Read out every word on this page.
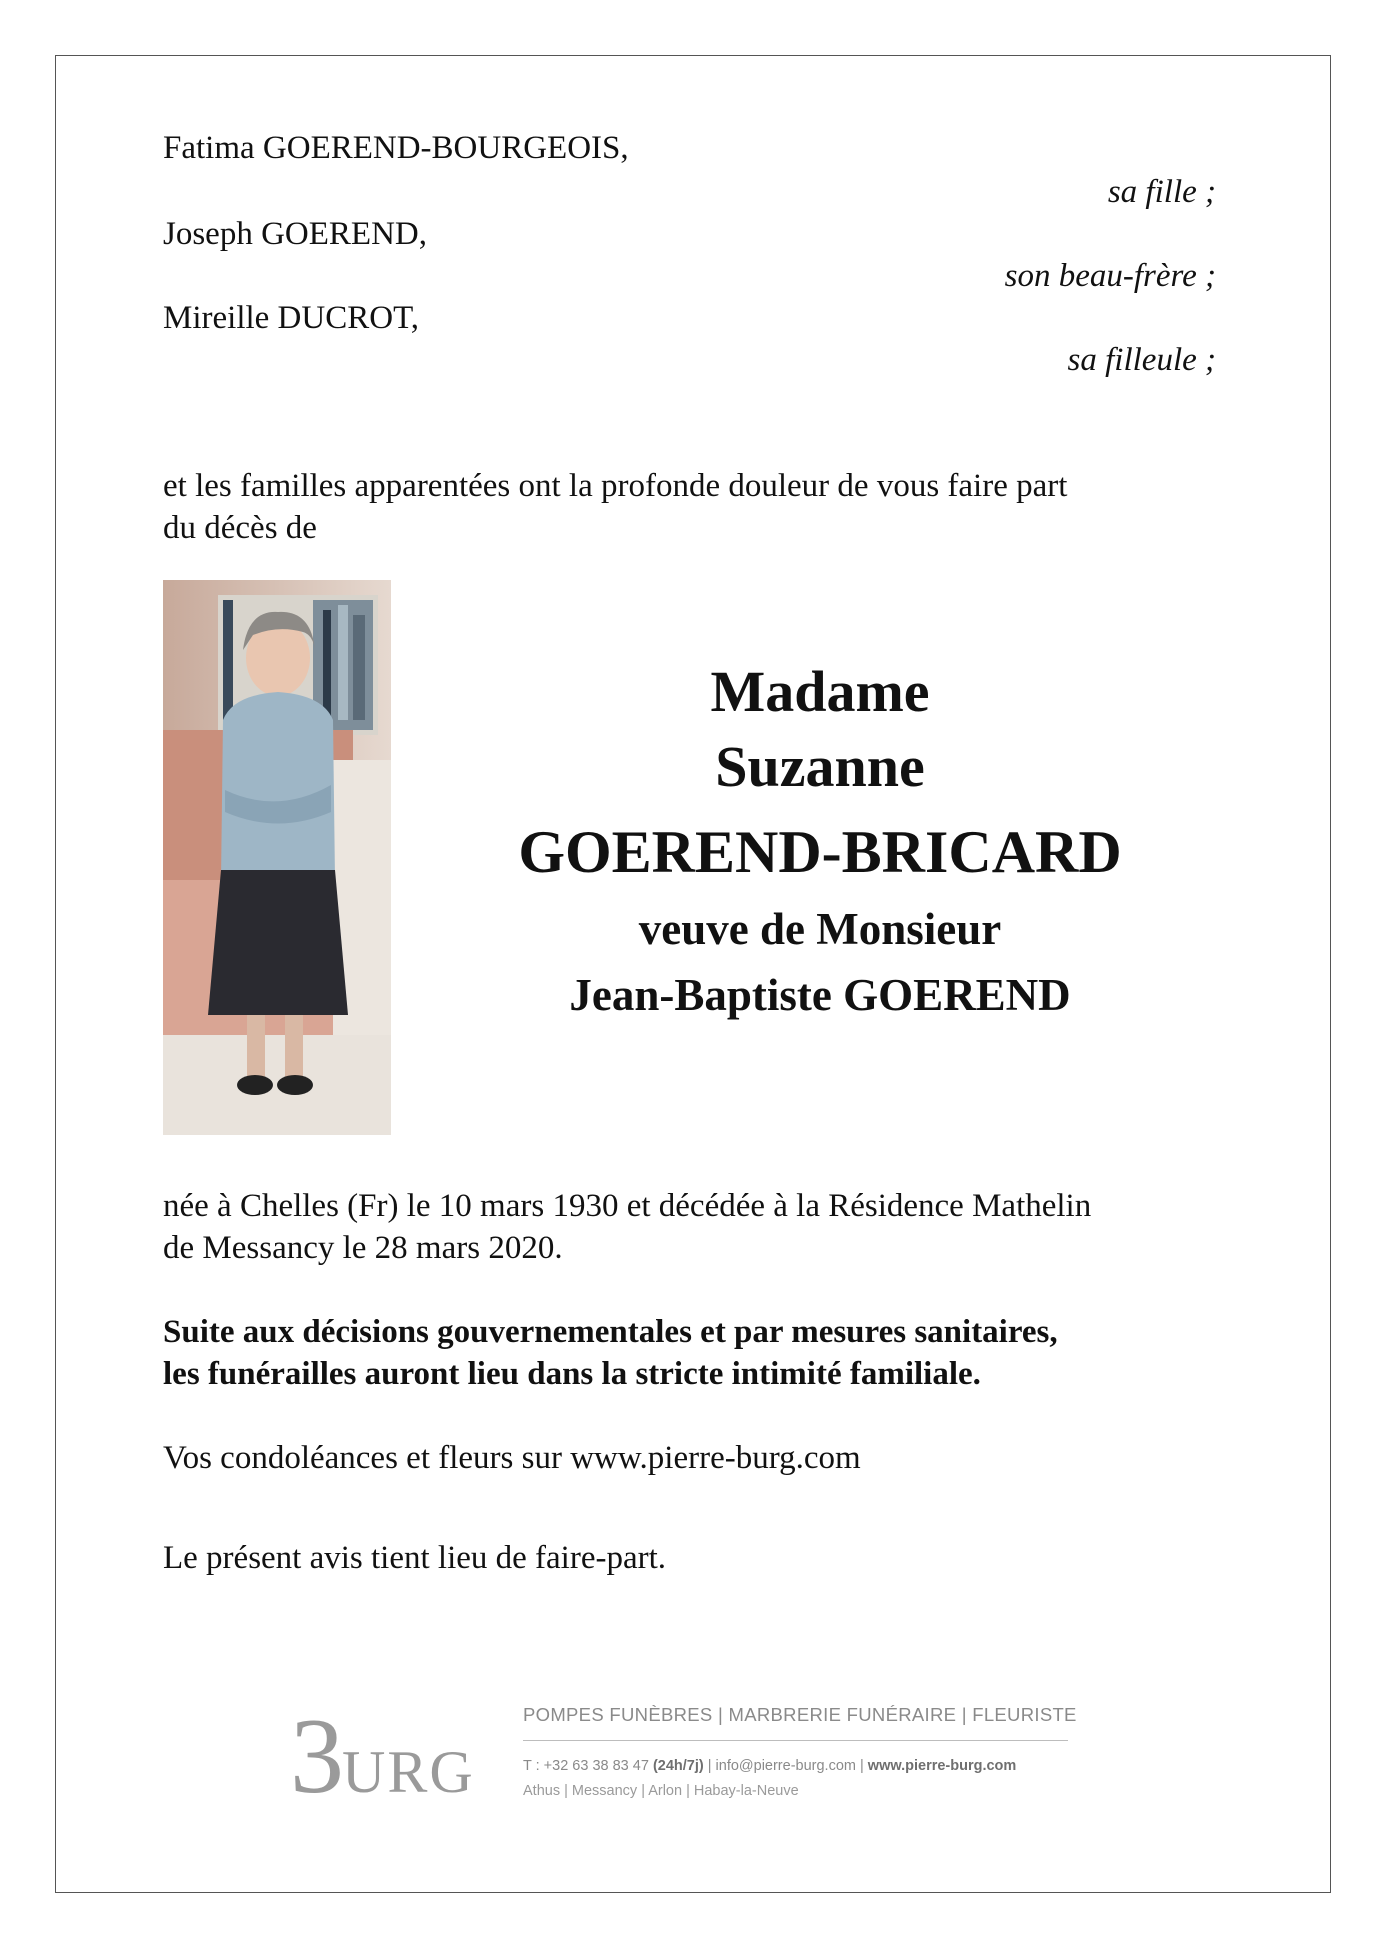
Fatima GOEREND-BOURGEOIS,
sa fille ;
Joseph GOEREND,
son beau-frère ;
Mireille DUCROT,
sa filleule ;
et les familles apparentées ont la profonde douleur de vous faire part
du décès de
Madame
Suzanne
GOEREND-BRICARD
veuve de Monsieur
Jean-Baptiste GOEREND
née à Chelles (Fr) le 10 mars 1930 et décédée à la Résidence Mathelin
de Messancy le 28 mars 2020.
Suite aux décisions gouvernementales et par mesures sanitaires,
les funérailles auront lieu dans la stricte intimité familiale.
Vos condoléances et fleurs sur www.pierre-burg.com
Le présent avis tient lieu de faire-part.
3
URG
POMPES FUNÈBRES | MARBRERIE FUNÉRAIRE | FLEURISTE
T : +32 63 38 83 47 (24h/7j) | info@pierre-burg.com | www.pierre-burg.com
Athus | Messancy | Arlon | Habay-la-Neuve
